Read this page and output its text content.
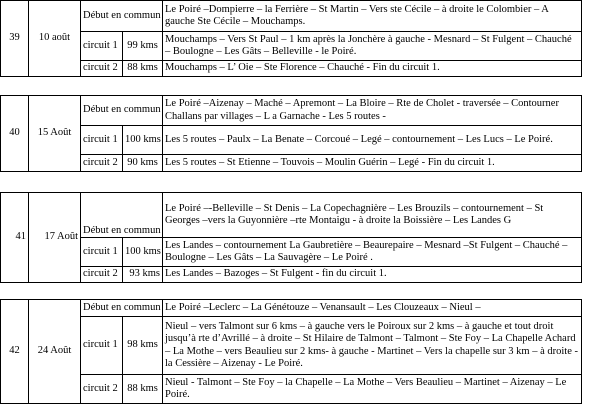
39	10 août	Début en commun		Le Poiré –Dompierre – la Ferrière – St Martin – Vers ste Cécile – à droite le Colombier – A gauche Ste Cécile – Mouchamps.
		circuit 1	99 kms	Mouchamps – Vers St Paul – 1 km après la Jonchère à gauche - Mesnard – St Fulgent – Chauché – Boulogne – Les Gâts – Belleville - le Poiré.
		circuit 2	88 kms	Mouchamps – L’ Oie – Ste Florence – Chauché - Fin du circuit 1.
40	15 Août	Début en commun		Le Poiré –Aizenay – Maché – Apremont – La Bloire – Rte de Cholet - traversée – Contourner Challans par villages – L a Garnache - Les 5 routes -
		circuit 1	100 kms	Les 5 routes – Paulx – La Benate – Corcoué – Legé – contournement – Les Lucs – Le Poiré.
		circuit 2	90 kms	Les 5 routes – St Etienne – Touvois – Moulin Guérin – Legé - Fin du circuit 1.
41	17 Août	Début en commun		Le Poiré –-Belleville – St Denis – La Copechagnière – Les Brouzils – contournement – St Georges –vers la Guyonnière –rte Montaigu - à droite la Boissière – Les Landes G
		circuit 1	100 kms	Les Landes – contournement La Gaubretière – Beaurepaire – Mesnard –St Fulgent – Chauché – Boulogne – Les Gâts – La Sauvagère – Le Poiré .
		circuit 2	93 kms	Les Landes – Bazoges – St Fulgent - fin du circuit 1.
42	24 Août	Début en commun		Le Poiré –Leclerc – La Génétouze – Venansault – Les Clouzeaux – Nieul –
		circuit 1	98 kms	Nieul – vers Talmont sur 6 kms – à gauche vers le Poiroux sur 2 kms – à gauche et tout droit jusqu’à rte d’Avrillé – à droite – St Hilaire de Talmont – Talmont – Ste Foy – La Chapelle Achard – La Mothe – vers Beaulieu sur 2 kms- à gauche - Martinet – Vers la chapelle sur 3 km – à droite - la Cessière – Aizenay - Le Poiré.
		circuit 2	88 kms	Nieul - Talmont – Ste Foy – la Chapelle – La Mothe – Vers Beaulieu – Martinet – Aizenay – Le Poiré.
